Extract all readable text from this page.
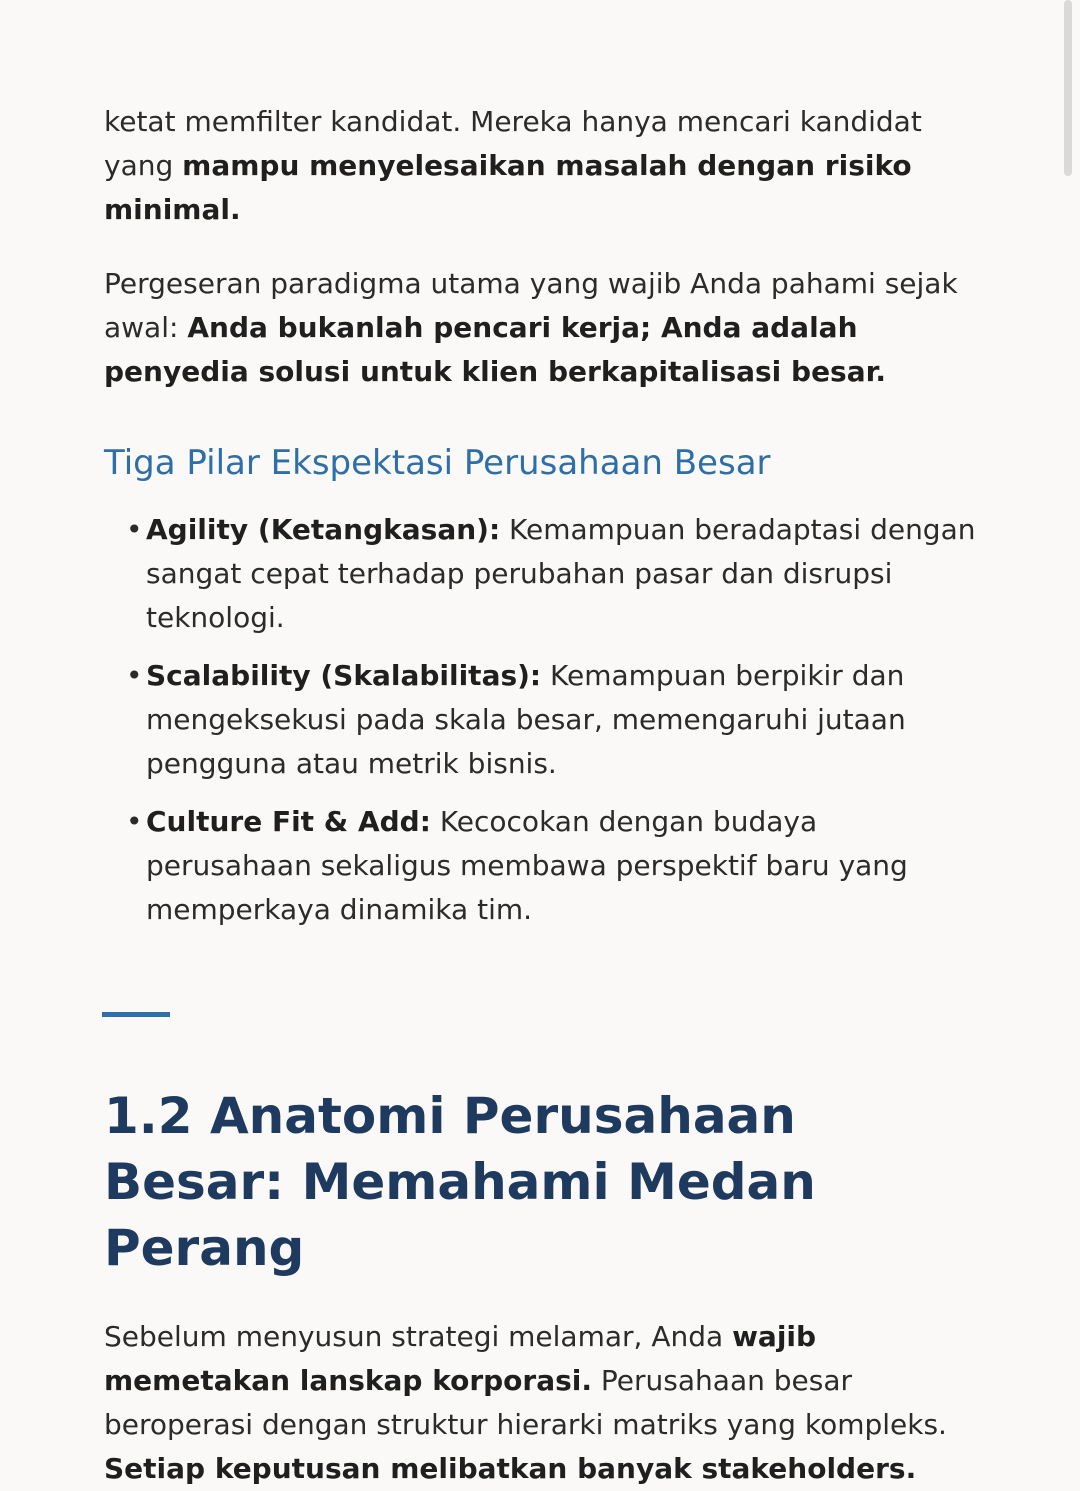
ketat memfilter kandidat. Mereka hanya mencari kandidat yang mampu menyelesaikan masalah dengan risiko minimal.

Pergeseran paradigma utama yang wajib Anda pahami sejak awal: Anda bukanlah pencari kerja; Anda adalah penyedia solusi untuk klien berkapitalisasi besar.

Tiga Pilar Ekspektasi Perusahaan Besar
• Agility (Ketangkasan): Kemampuan beradaptasi dengan sangat cepat terhadap perubahan pasar dan disrupsi teknologi.
• Scalability (Skalabilitas): Kemampuan berpikir dan mengeksekusi pada skala besar, memengaruhi jutaan pengguna atau metrik bisnis.
• Culture Fit & Add: Kecocokan dengan budaya perusahaan sekaligus membawa perspektif baru yang memperkaya dinamika tim.
1.2 Anatomi Perusahaan Besar: Memahami Medan Perang

Sebelum menyusun strategi melamar, Anda wajib memetakan lanskap korporasi. Perusahaan besar beroperasi dengan struktur hierarki matriks yang kompleks. Setiap keputusan melibatkan banyak stakeholders.
